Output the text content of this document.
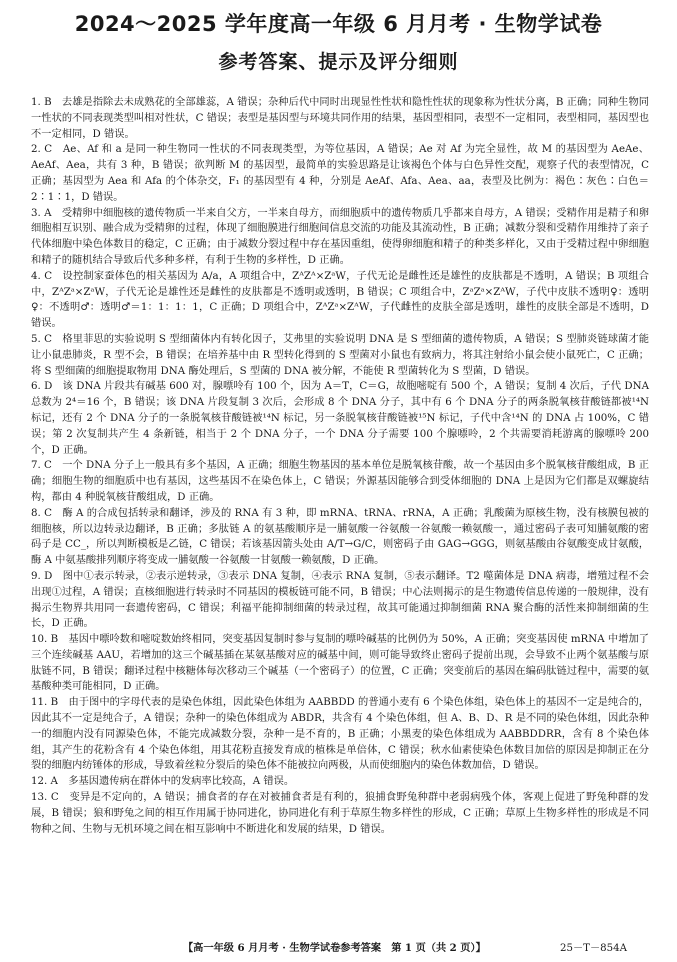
2024～2025 学年度高一年级 6 月月考 · 生物学试卷
参考答案、提示及评分细则

1. B　去雄是指除去未成熟花的全部雄蕊，A 错误；杂种后代中同时出现显性性状和隐性性状的现象称为性状分离，B 正确；同种生物同一性状的不同表现类型叫相对性状，C 错误；表型是基因型与环境共同作用的结果，基因型相同，表型不一定相同，表型相同，基因型也不一定相同，D 错误。

2. C　Ae、Af 和 a 是同一种生物同一性状的不同表现类型，为等位基因，A 错误；Ae 对 Af 为完全显性，故 M 的基因型为 AeAe、AeAf、Aea，共有 3 种，B 错误；欲判断 M 的基因型，最简单的实验思路是让该褐色个体与白色异性交配，观察子代的表型情况，C 正确；基因型为 Aea 和 Afa 的个体杂交，F₁ 的基因型有 4 种，分别是 AeAf、Afa、Aea、aa，表型及比例为：褐色∶灰色∶白色＝2∶1∶1，D 错误。

3. A　受精卵中细胞核的遗传物质一半来自父方，一半来自母方，而细胞质中的遗传物质几乎都来自母方，A 错误；受精作用是精子和卵细胞相互识别、融合成为受精卵的过程，体现了细胞膜进行细胞间信息交流的功能及其流动性，B 正确；减数分裂和受精作用维持了亲子代体细胞中染色体数目的稳定，C 正确；由于减数分裂过程中存在基因重组，使得卵细胞和精子的种类多样化，又由于受精过程中卵细胞和精子的随机结合导致后代多种多样，有利于生物的多样性，D 正确。

4. C　设控制家蚕体色的相关基因为 A/a，A 项组合中，ZᴬZᴬ×ZᵃW，子代无论是雌性还是雄性的皮肤都是不透明，A 错误；B 项组合中，ZᴬZᵃ×ZᵃW，子代无论是雄性还是雌性的皮肤都是不透明或透明，B 错误；C 项组合中，ZᵃZᵃ×ZᴬW，子代中皮肤不透明♀：透明♀：不透明♂：透明♂＝1：1：1：1，C 正确；D 项组合中，ZᴬZᵃ×ZᴬW，子代雌性的皮肤全部是透明，雄性的皮肤全部是不透明，D 错误。

5. C　格里菲思的实验说明 S 型细菌体内有转化因子，艾弗里的实验说明 DNA 是 S 型细菌的遗传物质，A 错误；S 型肺炎链球菌才能让小鼠患肺炎，R 型不会，B 错误；在培养基中由 R 型转化得到的 S 型菌对小鼠也有致病力，将其注射给小鼠会使小鼠死亡，C 正确；将 S 型细菌的细胞提取物用 DNA 酶处理后，S 型菌的 DNA 被分解，不能使 R 型菌转化为 S 型菌，D 错误。

6. D　该 DNA 片段共有碱基 600 对，腺嘌呤有 100 个，因为 A＝T，C＝G，故胞嘧啶有 500 个，A 错误；复制 4 次后，子代 DNA 总数为 2⁴＝16 个，B 错误；该 DNA 片段复制 3 次后，会形成 8 个 DNA 分子，其中有 6 个 DNA 分子的两条脱氧核苷酸链都被¹⁴N 标记，还有 2 个 DNA 分子的一条脱氧核苷酸链被¹⁴N 标记，另一条脱氧核苷酸链被¹⁵N 标记，子代中含¹⁴N 的 DNA 占 100%，C 错误；第 2 次复制共产生 4 条新链，相当于 2 个 DNA 分子，一个 DNA 分子需要 100 个腺嘌呤，2 个共需要消耗游离的腺嘌呤 200 个，D 正确。

7. C　一个 DNA 分子上一般具有多个基因，A 正确；细胞生物基因的基本单位是脱氧核苷酸，故一个基因由多个脱氧核苷酸组成，B 正确；细胞生物的细胞质中也有基因，这些基因不在染色体上，C 错误；外源基因能够合到受体细胞的 DNA 上是因为它们都是双螺旋结构，都由 4 种脱氧核苷酸组成，D 正确。

8. C　酶 A 的合成包括转录和翻译，涉及的 RNA 有 3 种，即 mRNA、tRNA、rRNA，A 正确；乳酸菌为原核生物，没有核膜包被的细胞核，所以边转录边翻译，B 正确；多肽链 A 的氨基酸顺序是一脯氨酸一谷氨酸一谷氨酸一赖氨酸一，通过密码子表可知脯氨酸的密码子是 CC_，所以判断模板是乙链，C 错误；若该基因箭头处由 A/T→G/C，则密码子由 GAG→GGG，则氨基酸由谷氨酸变成甘氨酸，酶 A 中氨基酸排列顺序将变成一脯氨酸一谷氨酸一甘氨酸一赖氨酸，D 正确。

9. D　图中①表示转录，②表示逆转录，③表示 DNA 复制，④表示 RNA 复制，⑤表示翻译。T2 噬菌体是 DNA 病毒，增殖过程不会出现①过程，A 错误；直核细胞进行转录时不同基因的模板链可能不同，B 错误；中心法则揭示的是生物遗传信息传递的一般规律，没有揭示生物界共用同一套遗传密码，C 错误；利福平能抑制细菌的转录过程，故其可能通过抑制细菌 RNA 聚合酶的活性来抑制细菌的生长，D 正确。

10. B　基因中嘌呤数和嘧啶数始终相同，突变基因复制时参与复制的嘌呤碱基的比例仍为 50%，A 正确；突变基因使 mRNA 中增加了三个连续碱基 AAU，若增加的这三个碱基插在某氨基酸对应的碱基中间，则可能导致终止密码子提前出现，会导致不止两个氨基酸与原肽链不同，B 错误；翻译过程中核糖体每次移动三个碱基（一个密码子）的位置，C 正确；突变前后的基因在编码肽链过程中，需要的氨基酸种类可能相同，D 正确。

11. B　由于图中的字母代表的是染色体组，因此染色体组为 AABBDD 的普通小麦有 6 个染色体组，染色体上的基因不一定是纯合的，因此其不一定是纯合子，A 错误；杂种一的染色体组成为 ABDR，共含有 4 个染色体组，但 A、B、D、R 是不同的染色体组，因此杂种一的细胞内没有同源染色体，不能完成减数分裂，杂种一是不育的，B 正确；小黑麦的染色体组成为 AABBDDRR，含有 8 个染色体组，其产生的花粉含有 4 个染色体组，用其花粉直接发育成的植株是单倍体，C 错误；秋水仙素使染色体数目加倍的原因是抑制正在分裂的细胞内纺锤体的形成，导致着丝粒分裂后的染色体不能被拉向两极，从而使细胞内的染色体数加倍，D 错误。

12. A　多基因遗传病在群体中的发病率比较高，A 错误。

13. C　变异是不定向的，A 错误；捕食者的存在对被捕食者是有利的，狼捕食野兔种群中老弱病残个体，客观上促进了野兔种群的发展，B 错误；狼和野兔之间的相互作用属于协同进化，协同进化有利于草原生物多样性的形成，C 正确；草原上生物多样性的形成是不同物种之间、生物与无机环境之间在相互影响中不断进化和发展的结果，D 错误。

【高一年级 6 月月考 · 生物学试卷参考答案　第 1 页（共 2 页）】	25－T－854A
